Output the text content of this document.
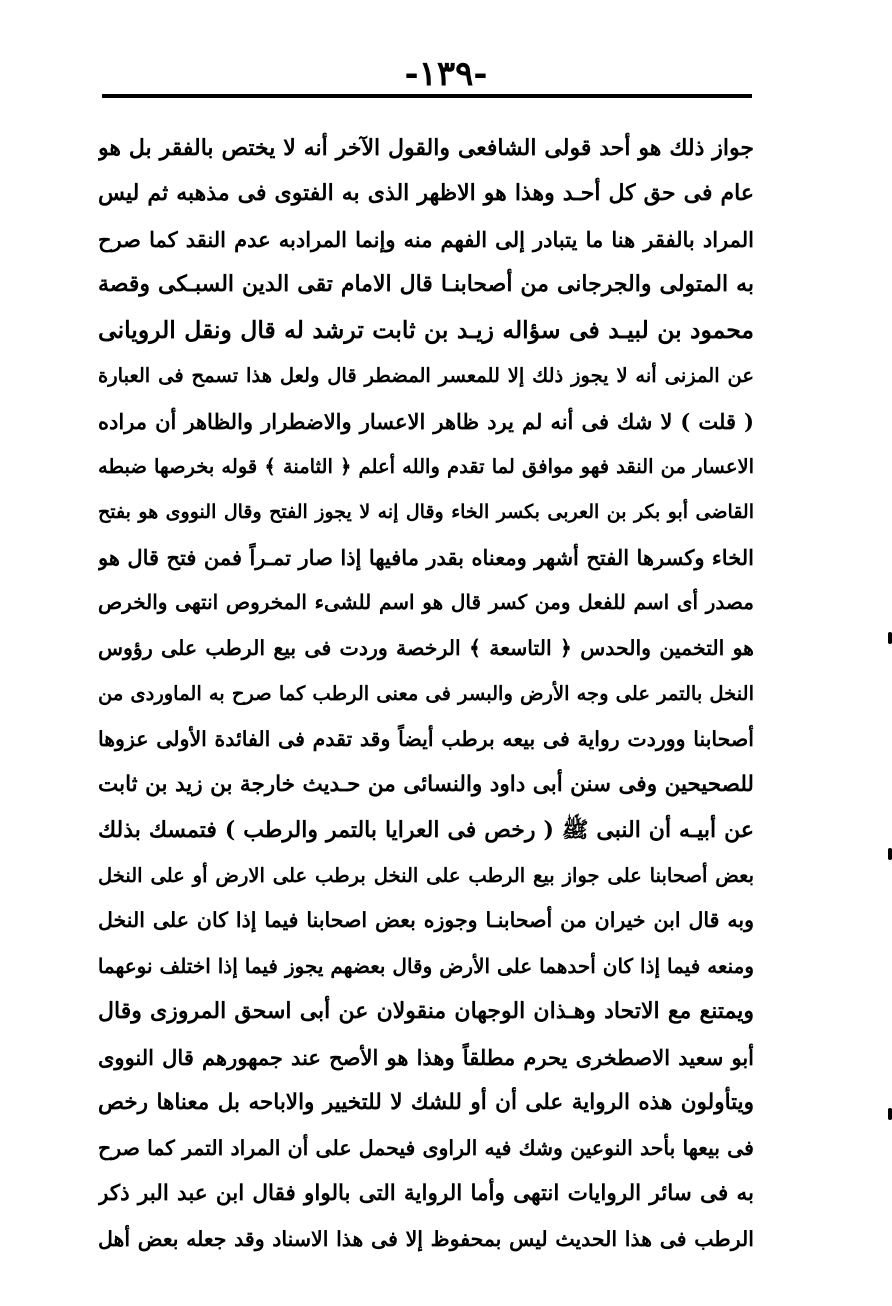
-١٣٩-
جواز ذلك هو أحد قولى الشافعى والقول الآخر أنه لا يختص بالفقر بل هو
عام فى حق كل أحـد وهذا هو الاظهر الذى به الفتوى فى مذهبه ثم ليس
المراد بالفقر هنا ما يتبادر إلى الفهم منه وإنما المرادبه عدم النقد كما صرح
به المتولى والجرجانى من أصحابنـا قال الامام تقى الدين السبـكى وقصة
محمود بن لبيـد فى سؤاله زيـد بن ثابت ترشد له قال ونقل الرويانى
عن المزنى أنه لا يجوز ذلك إلا للمعسر المضطر قال ولعل هذا تسمح فى العبارة
( قلت ) لا شك فى أنه لم يرد ظاهر الاعسار والاضطرار والظاهر أن مراده
الاعسار من النقد فهو موافق لما تقدم والله أعلم ﴿ الثامنة ﴾ قوله بخرصها ضبطه
القاضى أبو بكر بن العربى بكسر الخاء وقال إنه لا يجوز الفتح وقال النووى هو بفتح
الخاء وكسرها الفتح أشهر ومعناه بقدر مافيها إذا صار تمـراً فمن فتح قال هو
مصدر أى اسم للفعل ومن كسر قال هو اسم للشىء المخروص انتهى والخرص
هو التخمين والحدس ﴿ التاسعة ﴾ الرخصة وردت فى بيع الرطب على رؤوس
النخل بالتمر على وجه الأرض والبسر فى معنى الرطب كما صرح به الماوردى من
أصحابنا ووردت رواية فى بيعه برطب أيضاً وقد تقدم فى الفائدة الأولى عزوها
للصحيحين وفى سنن أبى داود والنسائى من حـديث خارجة بن زيد بن ثابت
عن أبيـه أن النبى ﷺ ( رخص فى العرايا بالتمر والرطب ) فتمسك بذلك
بعض أصحابنا على جواز بيع الرطب على النخل برطب على الارض أو على النخل
وبه قال ابن خيران من أصحابنـا وجوزه بعض اصحابنا فيما إذا كان على النخل
ومنعه فيما إذا كان أحدهما على الأرض وقال بعضهم يجوز فيما إذا اختلف نوعهما
ويمتنع مع الاتحاد وهـذان الوجهان منقولان عن أبى اسحق المروزى وقال
أبو سعيد الاصطخرى يحرم مطلقاً وهذا هو الأصح عند جمهورهم قال النووى
ويتأولون هذه الرواية على أن أو للشك لا للتخيير والاباحه بل معناها رخص
فى بيعها بأحد النوعين وشك فيه الراوى فيحمل على أن المراد التمر كما صرح
به فى سائر الروايات انتهى وأما الرواية التى بالواو فقال ابن عبد البر ذكر
الرطب فى هذا الحديث ليس بمحفوظ إلا فى هذا الاسناد وقد جعله بعض أهل
